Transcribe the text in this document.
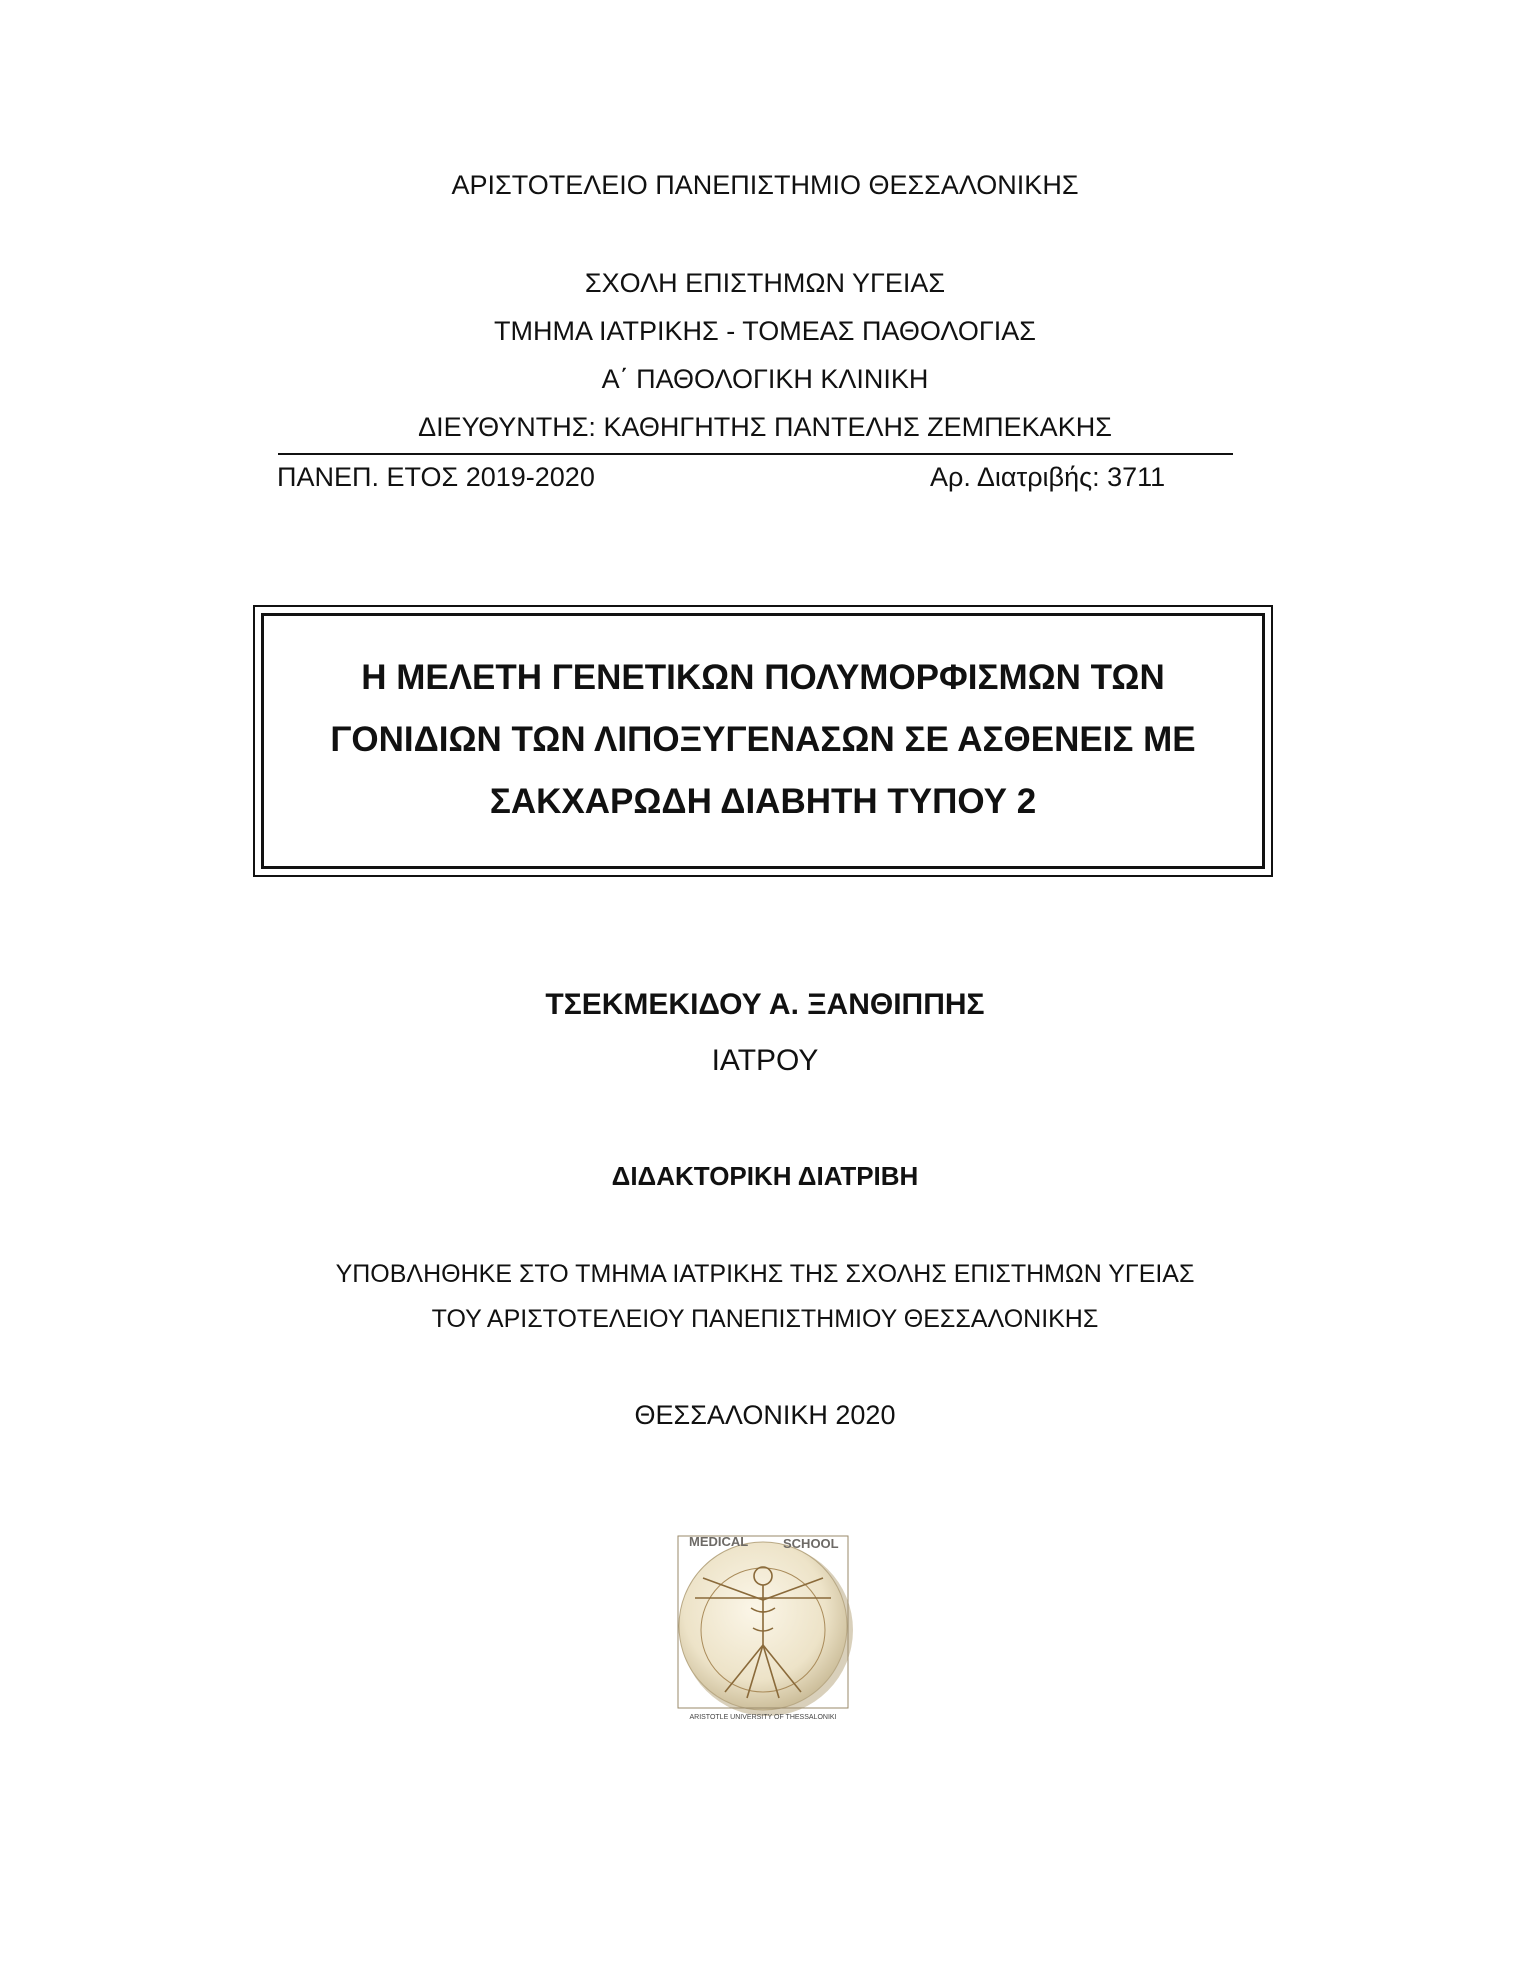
ΑΡΙΣΤΟΤΕΛΕΙΟ ΠΑΝΕΠΙΣΤΗΜΙΟ ΘΕΣΣΑΛΟΝΙΚΗΣ
ΣΧΟΛΗ ΕΠΙΣΤΗΜΩΝ ΥΓΕΙΑΣ
ΤΜΗΜΑ ΙΑΤΡΙΚΗΣ - ΤΟΜΕΑΣ ΠΑΘΟΛΟΓΙΑΣ
Α΄ ΠΑΘΟΛΟΓΙΚΗ ΚΛΙΝΙΚΗ
ΔΙΕΥΘΥΝΤΗΣ: ΚΑΘΗΓΗΤΗΣ ΠΑΝΤΕΛΗΣ ΖΕΜΠΕΚΑΚΗΣ
ΠΑΝΕΠ. ΕΤΟΣ 2019-2020	Αρ. Διατριβής: 3711
Η ΜΕΛΕΤΗ ΓΕΝΕΤΙΚΩΝ ΠΟΛΥΜΟΡΦΙΣΜΩΝ ΤΩΝ
ΓΟΝΙΔΙΩΝ ΤΩΝ ΛΙΠΟΞΥΓΕΝΑΣΩΝ ΣΕ ΑΣΘΕΝΕΙΣ ΜΕ
ΣΑΚΧΑΡΩΔΗ ΔΙΑΒΗΤΗ ΤΥΠΟΥ 2
ΤΣΕΚΜΕΚΙΔΟΥ Α. ΞΑΝΘΙΠΠΗΣ
ΙΑΤΡΟΥ
ΔΙΔΑΚΤΟΡΙΚΗ ΔΙΑΤΡΙΒΗ
ΥΠΟΒΛΗΘΗΚΕ ΣΤΟ ΤΜΗΜΑ ΙΑΤΡΙΚΗΣ ΤΗΣ ΣΧΟΛΗΣ ΕΠΙΣΤΗΜΩΝ ΥΓΕΙΑΣ
ΤΟΥ ΑΡΙΣΤΟΤΕΛΕΙΟΥ ΠΑΝΕΠΙΣΤΗΜΙΟΥ ΘΕΣΣΑΛΟΝΙΚΗΣ
ΘΕΣΣΑΛΟΝΙΚΗ 2020
MEDICAL	SCHOOL
ARISTOTLE UNIVERSITY OF THESSALONIKI
